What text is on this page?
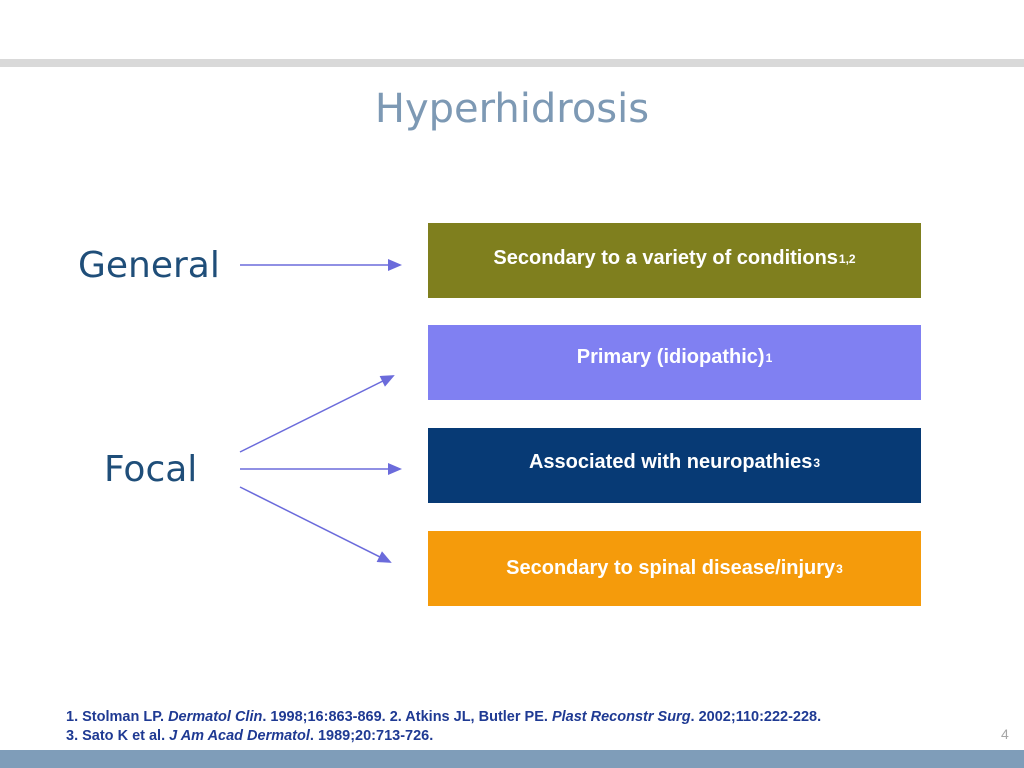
Hyperhidrosis
General
Focal
Secondary to a variety of conditions 1,2
Primary (idiopathic) 1
Associated with neuropathies 3
Secondary to spinal disease/injury 3
1. Stolman LP. Dermatol Clin. 1998;16:863-869. 2. Atkins JL, Butler PE. Plast Reconstr Surg. 2002;110:222-228.
3. Sato K et al. J Am Acad Dermatol. 1989;20:713-726.	4
